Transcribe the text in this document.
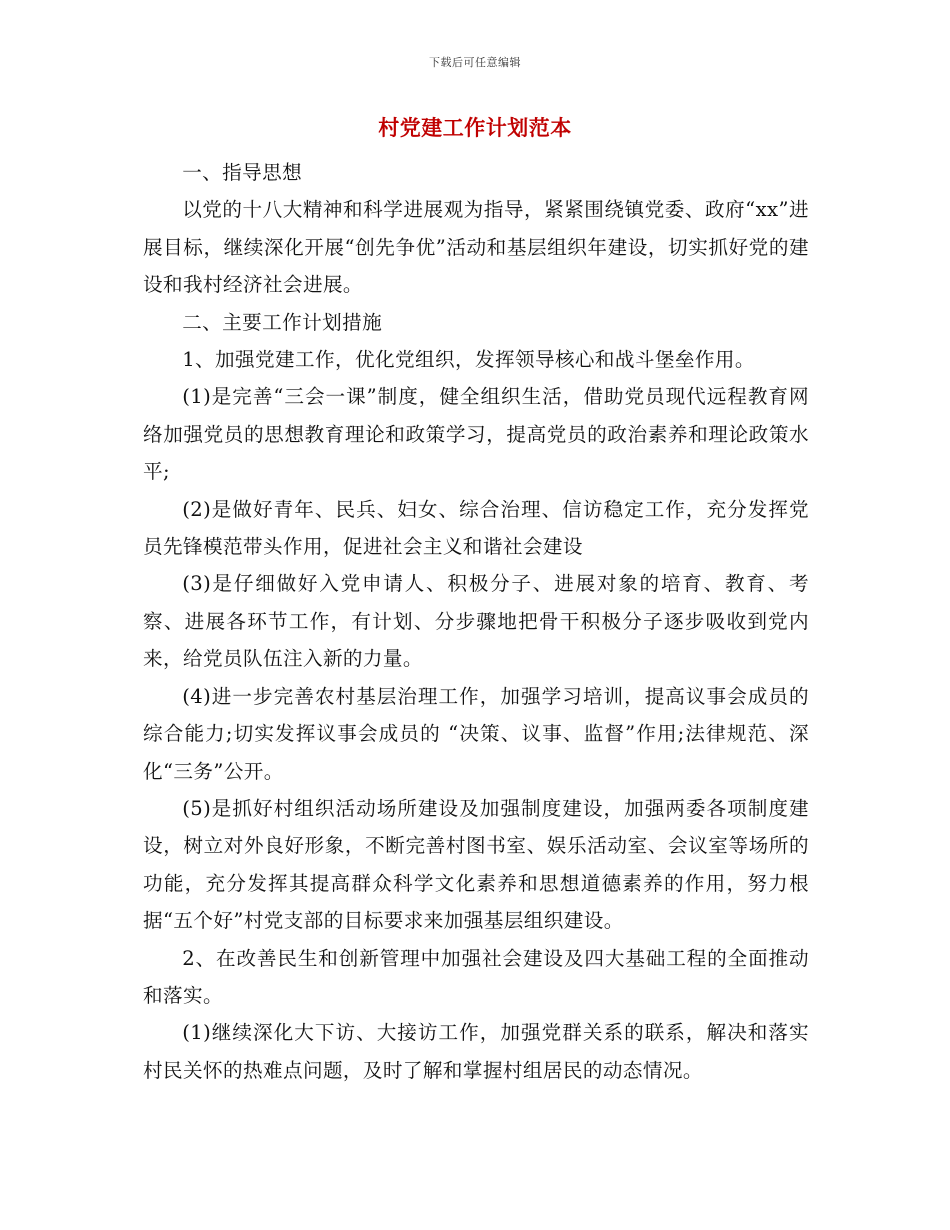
下载后可任意编辑
村党建工作计划范本

一、指导思想

以党的十八大精神和科学进展观为指导，紧紧围绕镇党委、政府“xx”进展目标，继续深化开展“创先争优”活动和基层组织年建设，切实抓好党的建设和我村经济社会进展。

二、主要工作计划措施

1、加强党建工作，优化党组织，发挥领导核心和战斗堡垒作用。

(1)是完善“三会一课”制度，健全组织生活，借助党员现代远程教育网络加强党员的思想教育理论和政策学习，提高党员的政治素养和理论政策水平;

(2)是做好青年、民兵、妇女、综合治理、信访稳定工作，充分发挥党员先锋模范带头作用，促进社会主义和谐社会建设

(3)是仔细做好入党申请人、积极分子、进展对象的培育、教育、考察、进展各环节工作，有计划、分步骤地把骨干积极分子逐步吸收到党内来，给党员队伍注入新的力量。

(4)进一步完善农村基层治理工作，加强学习培训，提高议事会成员的综合能力;切实发挥议事会成员的 “决策、议事、监督”作用;法律规范、深化“三务”公开。

(5)是抓好村组织活动场所建设及加强制度建设，加强两委各项制度建设，树立对外良好形象，不断完善村图书室、娱乐活动室、会议室等场所的功能，充分发挥其提高群众科学文化素养和思想道德素养的作用，努力根据“五个好”村党支部的目标要求来加强基层组织建设。

2、在改善民生和创新管理中加强社会建设及四大基础工程的全面推动和落实。

(1)继续深化大下访、大接访工作，加强党群关系的联系，解决和落实村民关怀的热难点问题，及时了解和掌握村组居民的动态情况。
